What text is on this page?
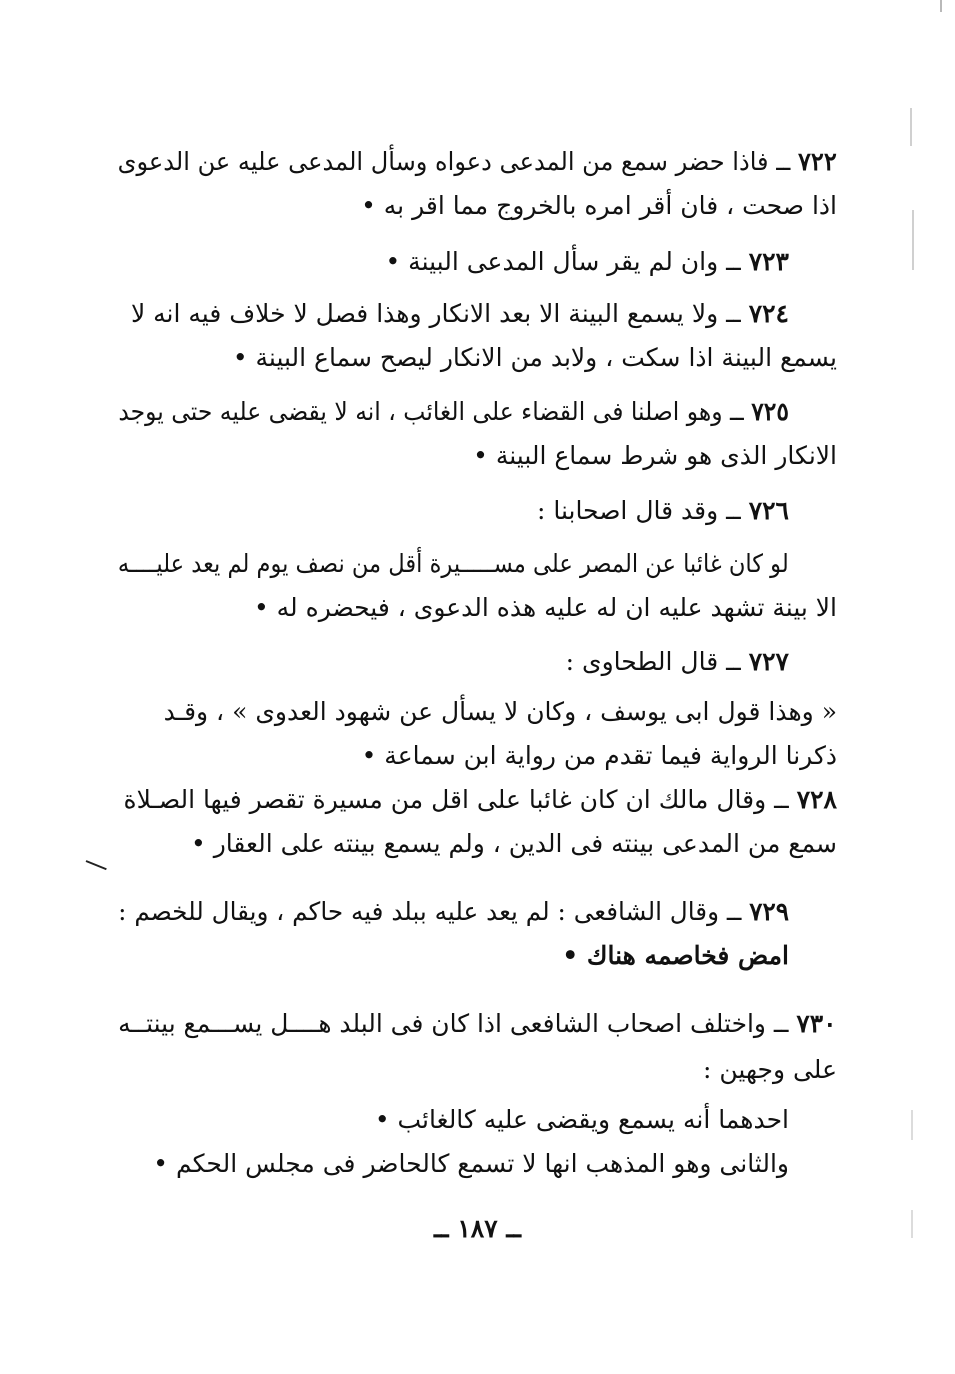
٧٢٢ ــ فاذا حضر سمع من المدعى دعواه وسأل المدعى عليه عن الدعوى
اذا صحت ، فان أقر امره بالخروج مما اقر به •
٧٢٣ ــ وان لم يقر سأل المدعى البينة •
٧٢٤ ــ ولا يسمع البينة الا بعد الانكار وهذا فصل لا خلاف فيه انه لا
يسمع البينة اذا سكت ، ولابد من الانكار ليصح سماع البينة •
٧٢٥ ــ وهو اصلنا فى القضاء على الغائب ، انه لا يقضى عليه حتى يوجد
الانكار الذى هو شرط سماع البينة •
٧٢٦ ــ وقد قال اصحابنا :
لو كان غائبا عن المصر على مســـــيرة أقل من نصف يوم لم يعد عليــــه
الا بينة تشهد عليه ان له عليه هذه الدعوى ، فيحضره له •
٧٢٧ ــ قال الطحاوى :
« وهذا قول ابى يوسف ، وكان لا يسأل عن شهود العدوى » ، وقـد
ذكرنا الرواية فيما تقدم من رواية ابن سماعة •
٧٢٨ ــ وقال مالك ان كان غائبا على اقل من مسيرة تقصر فيها الصـلاة
سمع من المدعى بينته فى الدين ، ولم يسمع بينته على العقار •
٧٢٩ ــ وقال الشافعى : لم يعد عليه ببلد فيه حاكم ، ويقال للخصم :
امض فخاصمه هناك •
٧٣٠ ــ واختلف اصحاب الشافعى اذا كان فى البلد هــــل يســـمع بينتــه
على وجهين :
احدهما أنه يسمع ويقضى عليه كالغائب •
والثانى وهو المذهب انها لا تسمع كالحاضر فى مجلس الحكم •
ــ ١٨٧ ــ
